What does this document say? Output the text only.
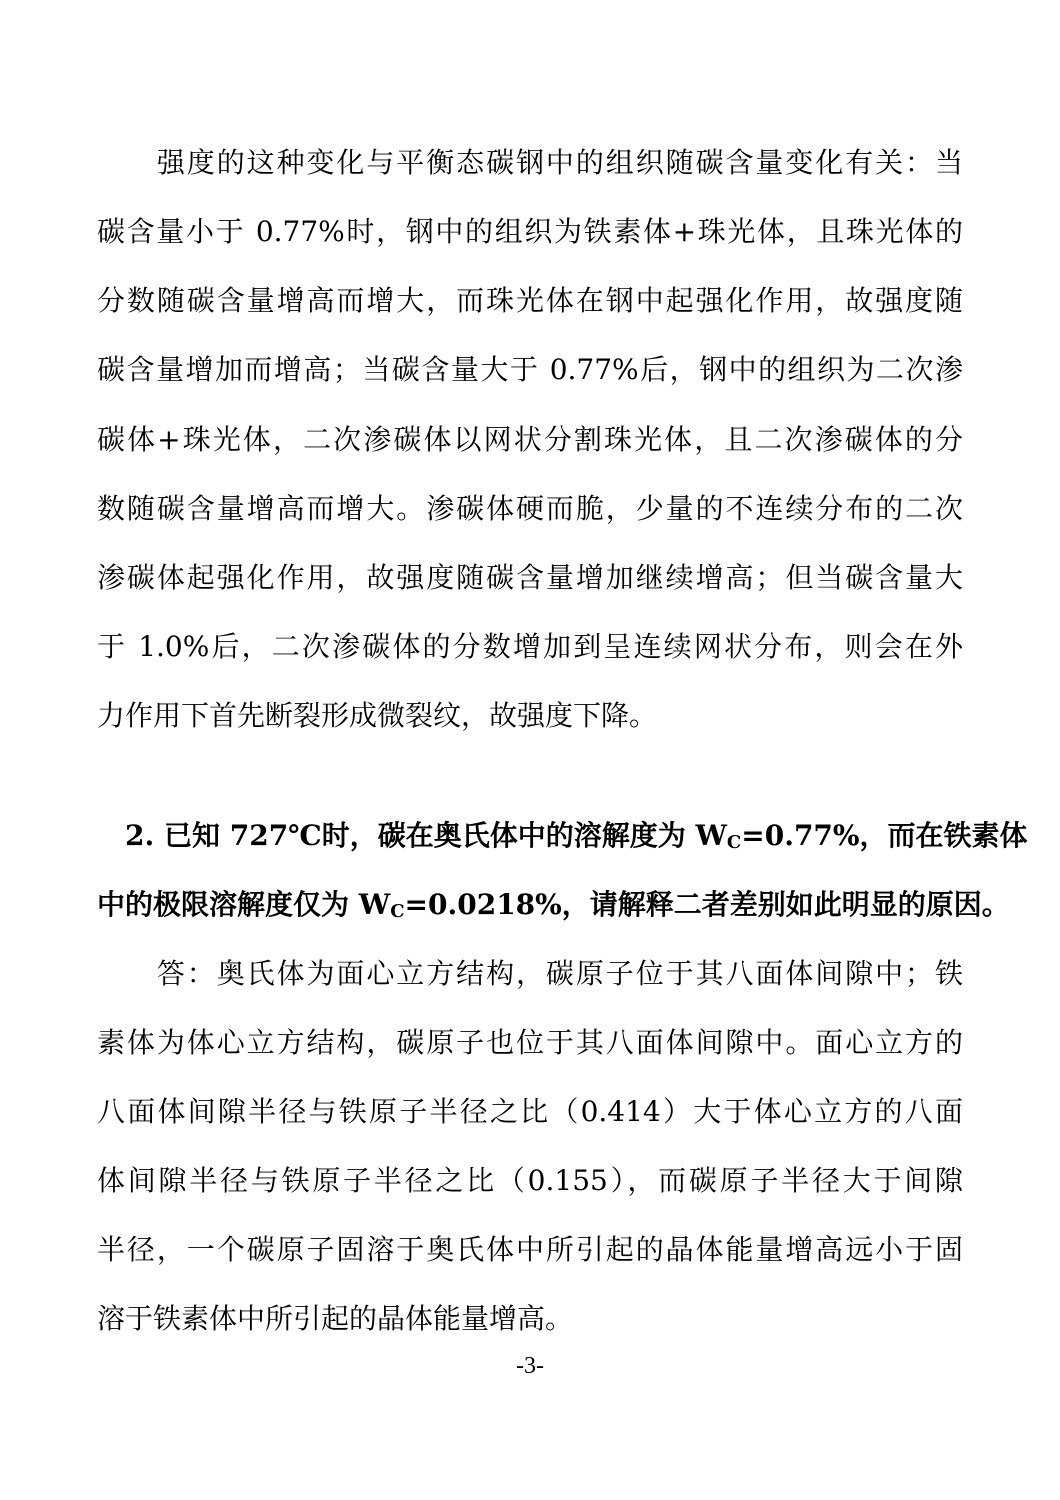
　　强度的这种变化与平衡态碳钢中的组织随碳含量变化有关：当
碳含量小于 0.77%时，钢中的组织为铁素体+珠光体，且珠光体的
分数随碳含量增高而增大，而珠光体在钢中起强化作用，故强度随
碳含量增加而增高；当碳含量大于 0.77%后，钢中的组织为二次渗
碳体+珠光体，二次渗碳体以网状分割珠光体，且二次渗碳体的分
数随碳含量增高而增大。渗碳体硬而脆，少量的不连续分布的二次
渗碳体起强化作用，故强度随碳含量增加继续增高；但当碳含量大
于 1.0%后，二次渗碳体的分数增加到呈连续网状分布，则会在外
力作用下首先断裂形成微裂纹，故强度下降。
　2. 已知 727℃时，碳在奥氏体中的溶解度为 WC=0.77%，而在铁素体
中的极限溶解度仅为 WC=0.0218%，请解释二者差别如此明显的原因。
　　答：奥氏体为面心立方结构，碳原子位于其八面体间隙中；铁
素体为体心立方结构，碳原子也位于其八面体间隙中。面心立方的
八面体间隙半径与铁原子半径之比（0.414）大于体心立方的八面
体间隙半径与铁原子半径之比（0.155），而碳原子半径大于间隙
半径，一个碳原子固溶于奥氏体中所引起的晶体能量增高远小于固
溶于铁素体中所引起的晶体能量增高。
-3-
